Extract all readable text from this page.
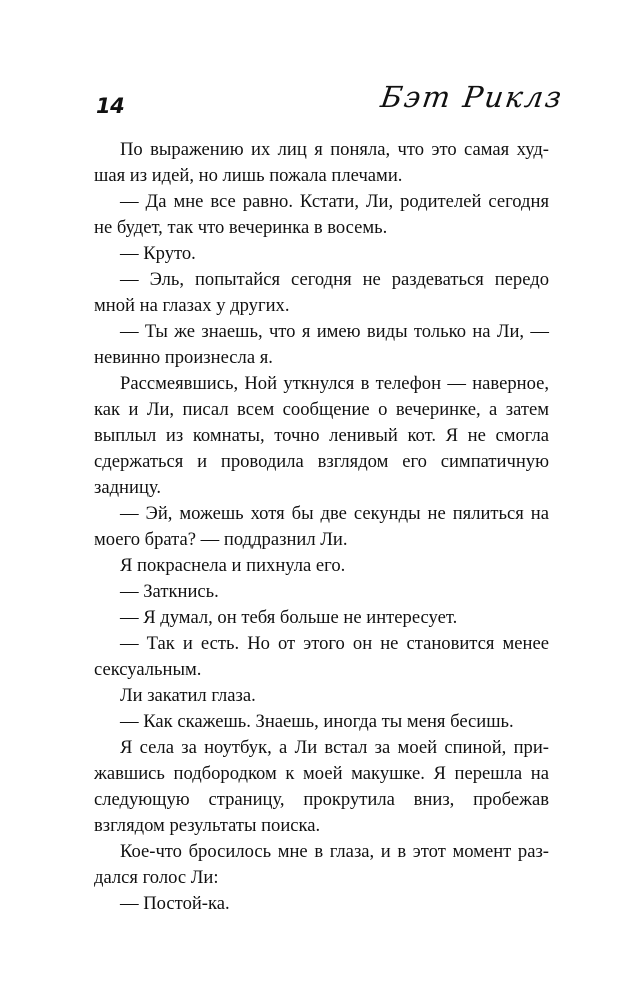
14	Бэт Риклз

По выражению их лиц я поняла, что это самая худшая из идей, но лишь пожала плечами.

— Да мне все равно. Кстати, Ли, родителей сегодня не будет, так что вечеринка в восемь.

— Круто.

— Эль, попытайся сегодня не раздеваться передо мной на глазах у других.

— Ты же знаешь, что я имею виды только на Ли, — невинно произнесла я.

Рассмеявшись, Ной уткнулся в телефон — наверное, как и Ли, писал всем сообщение о вечеринке, а затем выплыл из комнаты, точно ленивый кот. Я не смогла сдержаться и проводила взглядом его симпатичную задницу.

— Эй, можешь хотя бы две секунды не пялиться на моего брата? — поддразнил Ли.

Я покраснела и пихнула его.

— Заткнись.

— Я думал, он тебя больше не интересует.

— Так и есть. Но от этого он не становится менее сексуальным.

Ли закатил глаза.

— Как скажешь. Знаешь, иногда ты меня бесишь.

Я села за ноутбук, а Ли встал за моей спиной, прижавшись подбородком к моей макушке. Я перешла на следующую страницу, прокрутила вниз, пробежав взглядом результаты поиска.

Кое-что бросилось мне в глаза, и в этот момент раздался голос Ли:

— Постой-ка.
